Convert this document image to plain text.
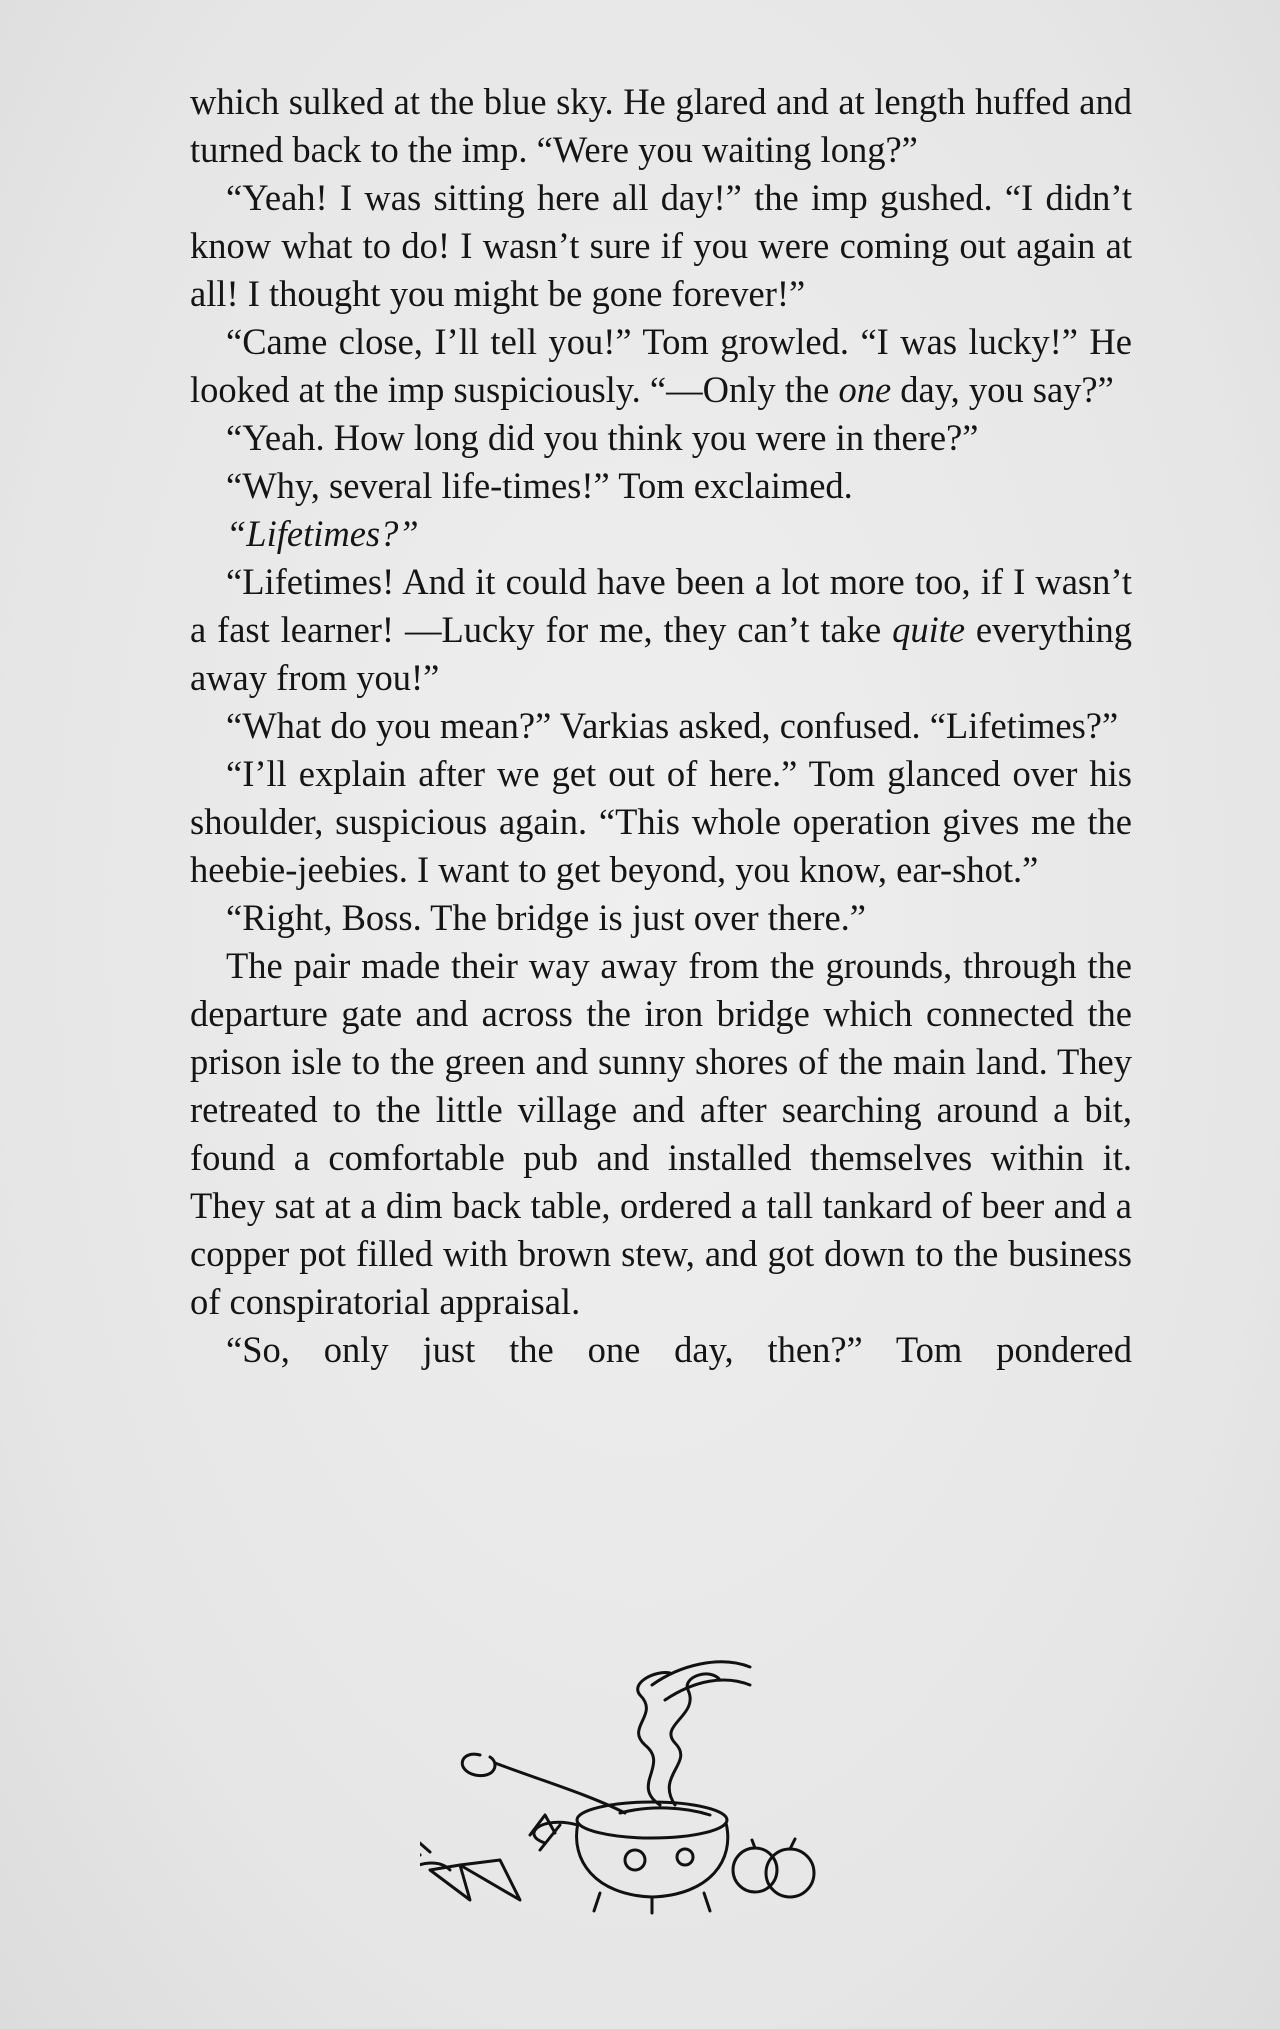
which sulked at the blue sky. He glared and at length huffed and turned back to the imp. “Were you waiting long?”

“Yeah! I was sitting here all day!” the imp gushed. “I didn’t know what to do! I wasn’t sure if you were coming out again at all! I thought you might be gone forever!”

“Came close, I’ll tell you!” Tom growled. “I was lucky!” He looked at the imp suspiciously. “—Only the one day, you say?”

“Yeah. How long did you think you were in there?”

“Why, several life-times!” Tom exclaimed.

“Lifetimes?”

“Lifetimes! And it could have been a lot more too, if I wasn’t a fast learner! —Lucky for me, they can’t take quite everything away from you!”

“What do you mean?” Varkias asked, confused. “Lifetimes?”

“I’ll explain after we get out of here.” Tom glanced over his shoulder, suspicious again. “This whole operation gives me the heebie-jeebies. I want to get beyond, you know, ear-shot.”

“Right, Boss. The bridge is just over there.”

The pair made their way away from the grounds, through the departure gate and across the iron bridge which connected the prison isle to the green and sunny shores of the main land. They retreated to the little village and after searching around a bit, found a comfortable pub and installed themselves within it. They sat at a dim back table, ordered a tall tankard of beer and a copper pot filled with brown stew, and got down to the business of conspiratorial appraisal.

“So, only just the one day, then?” Tom pondered
